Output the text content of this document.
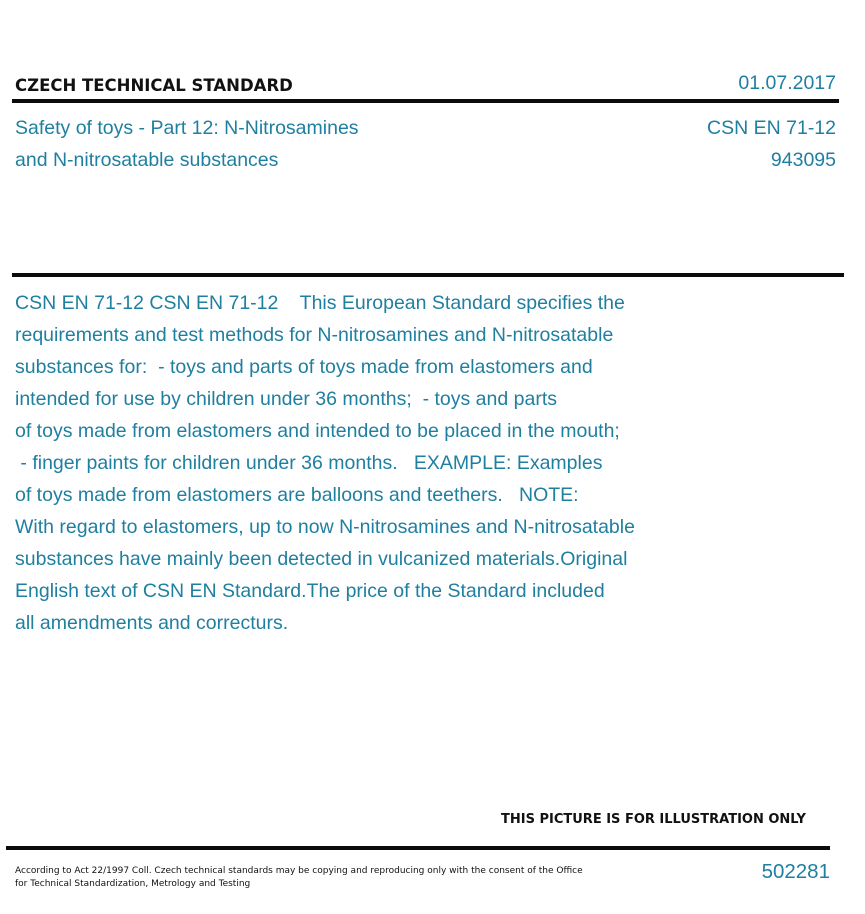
CZECH TECHNICAL STANDARD	01.07.2017
Safety of toys - Part 12: N-Nitrosamines
and N-nitrosatable substances
CSN EN 71-12
943095
CSN EN 71-12 CSN EN 71-12    This European Standard specifies the
requirements and test methods for N-nitrosamines and N-nitrosatable
substances for:  - toys and parts of toys made from elastomers and
intended for use by children under 36 months;  - toys and parts
of toys made from elastomers and intended to be placed in the mouth;
- finger paints for children under 36 months.   EXAMPLE: Examples
of toys made from elastomers are balloons and teethers.   NOTE:
With regard to elastomers, up to now N-nitrosamines and N-nitrosatable
substances have mainly been detected in vulcanized materials.Original
English text of CSN EN Standard.The price of the Standard included
all amendments and correcturs.
THIS PICTURE IS FOR ILLUSTRATION ONLY
According to Act 22/1997 Coll. Czech technical standards may be copying and reproducing only with the consent of the Office
for Technical Standardization, Metrology and Testing
502281
